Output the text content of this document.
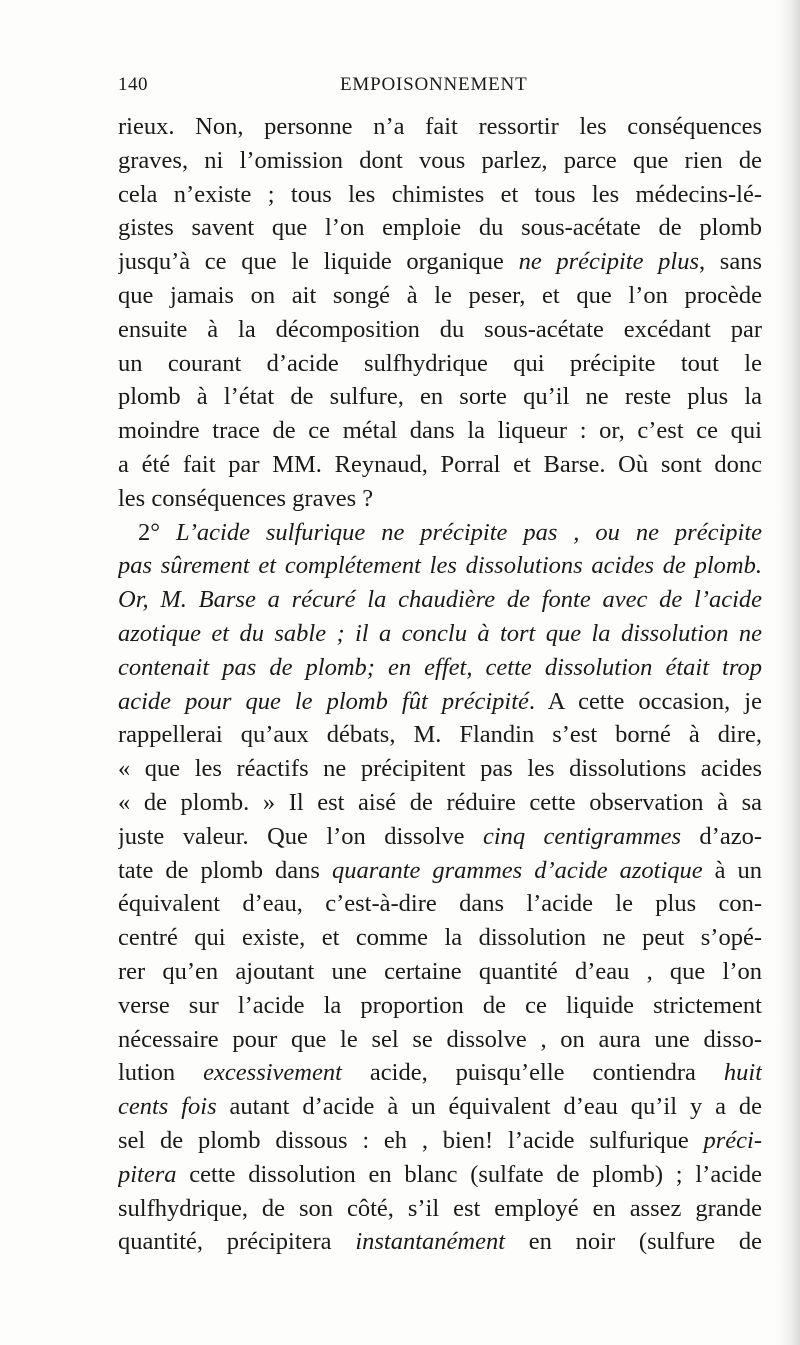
140	EMPOISONNEMENT
rieux. Non, personne n’a fait ressortir les conséquences
graves, ni l’omission dont vous parlez, parce que rien de
cela n’existe ; tous les chimistes et tous les médecins-lé-
gistes savent que l’on emploie du sous-acétate de plomb
jusqu’à ce que le liquide organique ne précipite plus, sans
que jamais on ait songé à le peser, et que l’on procède
ensuite à la décomposition du sous-acétate excédant par
un courant d’acide sulfhydrique qui précipite tout le
plomb à l’état de sulfure, en sorte qu’il ne reste plus la
moindre trace de ce métal dans la liqueur : or, c’est ce qui
a été fait par MM. Reynaud, Porral et Barse. Où sont donc
les conséquences graves ?
2° L’acide sulfurique ne précipite pas , ou ne précipite
pas sûrement et complétement les dissolutions acides de plomb.
Or, M. Barse a récuré la chaudière de fonte avec de l’acide
azotique et du sable ; il a conclu à tort que la dissolution ne
contenait pas de plomb; en effet, cette dissolution était trop
acide pour que le plomb fût précipité. A cette occasion, je
rappellerai qu’aux débats, M. Flandin s’est borné à dire,
« que les réactifs ne précipitent pas les dissolutions acides
« de plomb. » Il est aisé de réduire cette observation à sa
juste valeur. Que l’on dissolve cinq centigrammes d’azo-
tate de plomb dans quarante grammes d’acide azotique à un
équivalent d’eau, c’est-à-dire dans l’acide le plus con-
centré qui existe, et comme la dissolution ne peut s’opé-
rer qu’en ajoutant une certaine quantité d’eau , que l’on
verse sur l’acide la proportion de ce liquide strictement
nécessaire pour que le sel se dissolve , on aura une disso-
lution excessivement acide, puisqu’elle contiendra huit
cents fois autant d’acide à un équivalent d’eau qu’il y a de
sel de plomb dissous : eh , bien! l’acide sulfurique préci-
pitera cette dissolution en blanc (sulfate de plomb) ; l’acide
sulfhydrique, de son côté, s’il est employé en assez grande
quantité, précipitera instantanément en noir (sulfure de
